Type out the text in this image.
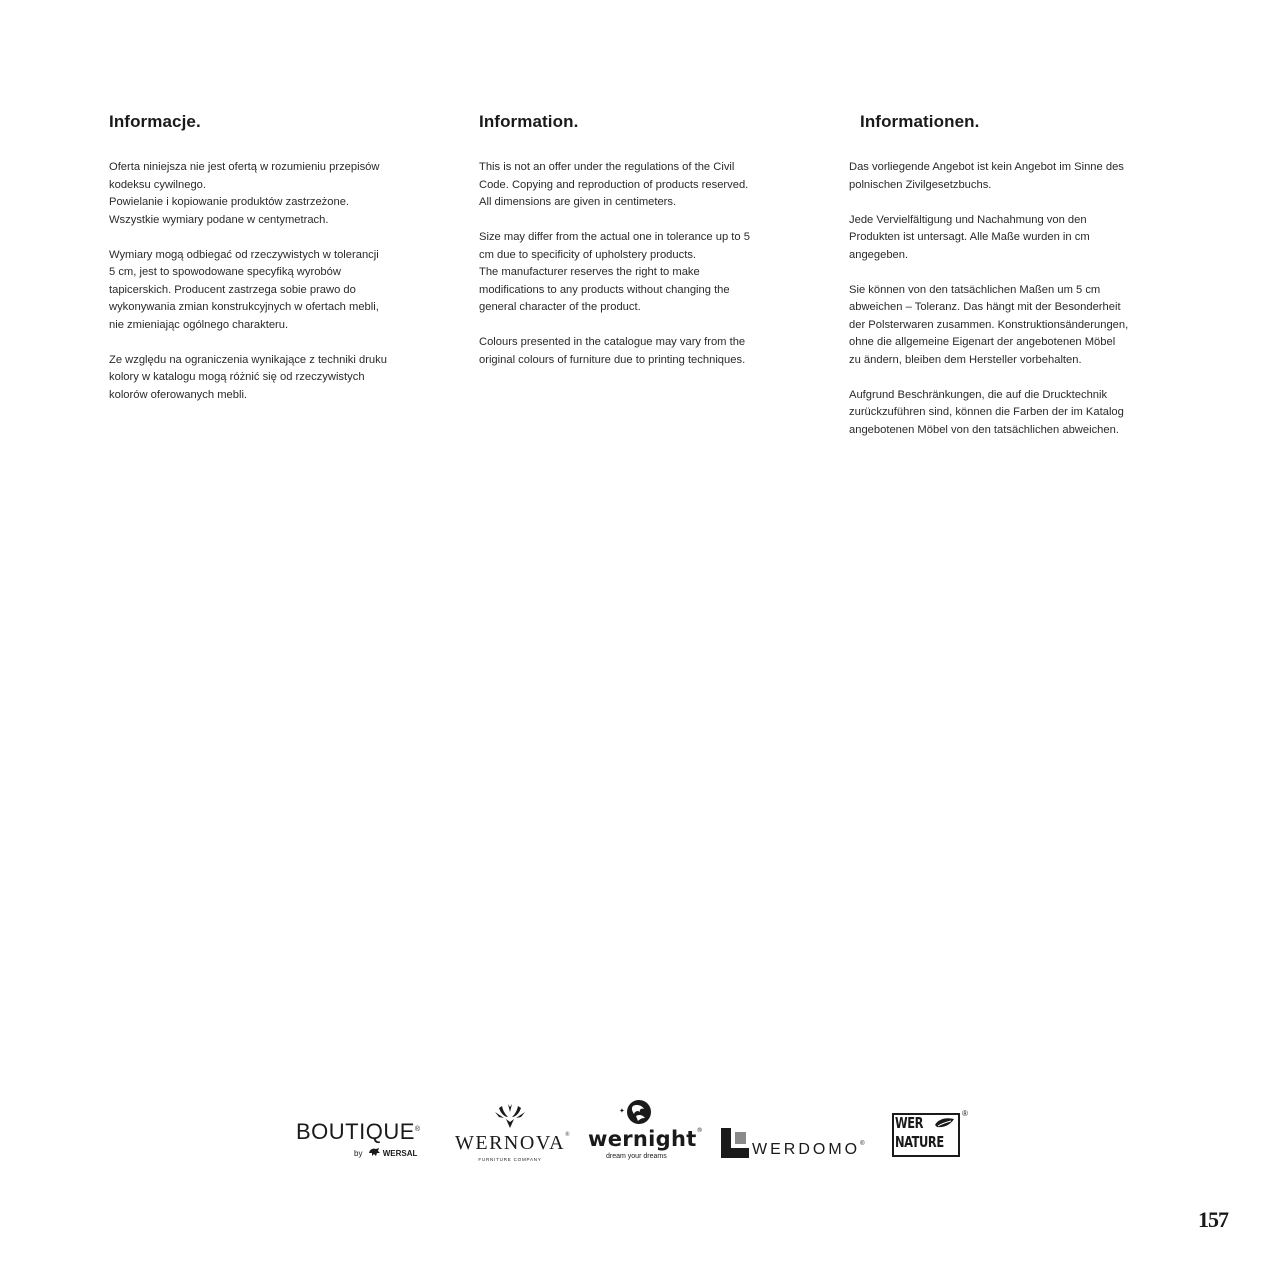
Informacje.

Oferta niniejsza nie jest ofertą w rozumieniu przepisów

kodeksu cywilnego.

Powielanie i kopiowanie produktów zastrzeżone.

Wszystkie wymiary podane w centymetrach.

Wymiary mogą odbiegać od rzeczywistych w tolerancji

5 cm, jest to spowodowane specyfiką wyrobów

tapicerskich. Producent zastrzega sobie prawo do

wykonywania zmian konstrukcyjnych w ofertach mebli,

nie zmieniając ogólnego charakteru.

Ze względu na ograniczenia wynikające z techniki druku

kolory w katalogu mogą różnić się od rzeczywistych

kolorów oferowanych mebli.

Information.

This is not an offer under the regulations of the Civil

Code. Copying and reproduction of products reserved.

All dimensions are given in centimeters.

Size may differ from the actual one in tolerance up to 5

cm due to specificity of upholstery products.

The manufacturer reserves the right to make

modifications to any products without changing the

general character of the product.

Colours presented in the catalogue may vary from the

original colours of furniture due to printing techniques.

Informationen.

Das vorliegende Angebot ist kein Angebot im Sinne des

polnischen Zivilgesetzbuchs.

Jede Vervielfältigung und Nachahmung von den

Produkten ist untersagt. Alle Maße wurden in cm

angegeben.

Sie können von den tatsächlichen Maßen um 5 cm

abweichen – Toleranz. Das hängt mit der Besonderheit

der Polsterwaren zusammen. Konstruktionsänderungen,

ohne die allgemeine Eigenart der angebotenen Möbel

zu ändern, bleiben dem Hersteller vorbehalten.

Aufgrund Beschränkungen, die auf die Drucktechnik

zurückzuführen sind, können die Farben der im Katalog

angebotenen Möbel von den tatsächlichen abweichen.

BOUTIQUE®
by	WERSAL WERNOVA®
FURNITURE COMPANY
✦
wernight®
dream your dreams	WERDOMO®
WER
NATURE
®
157
